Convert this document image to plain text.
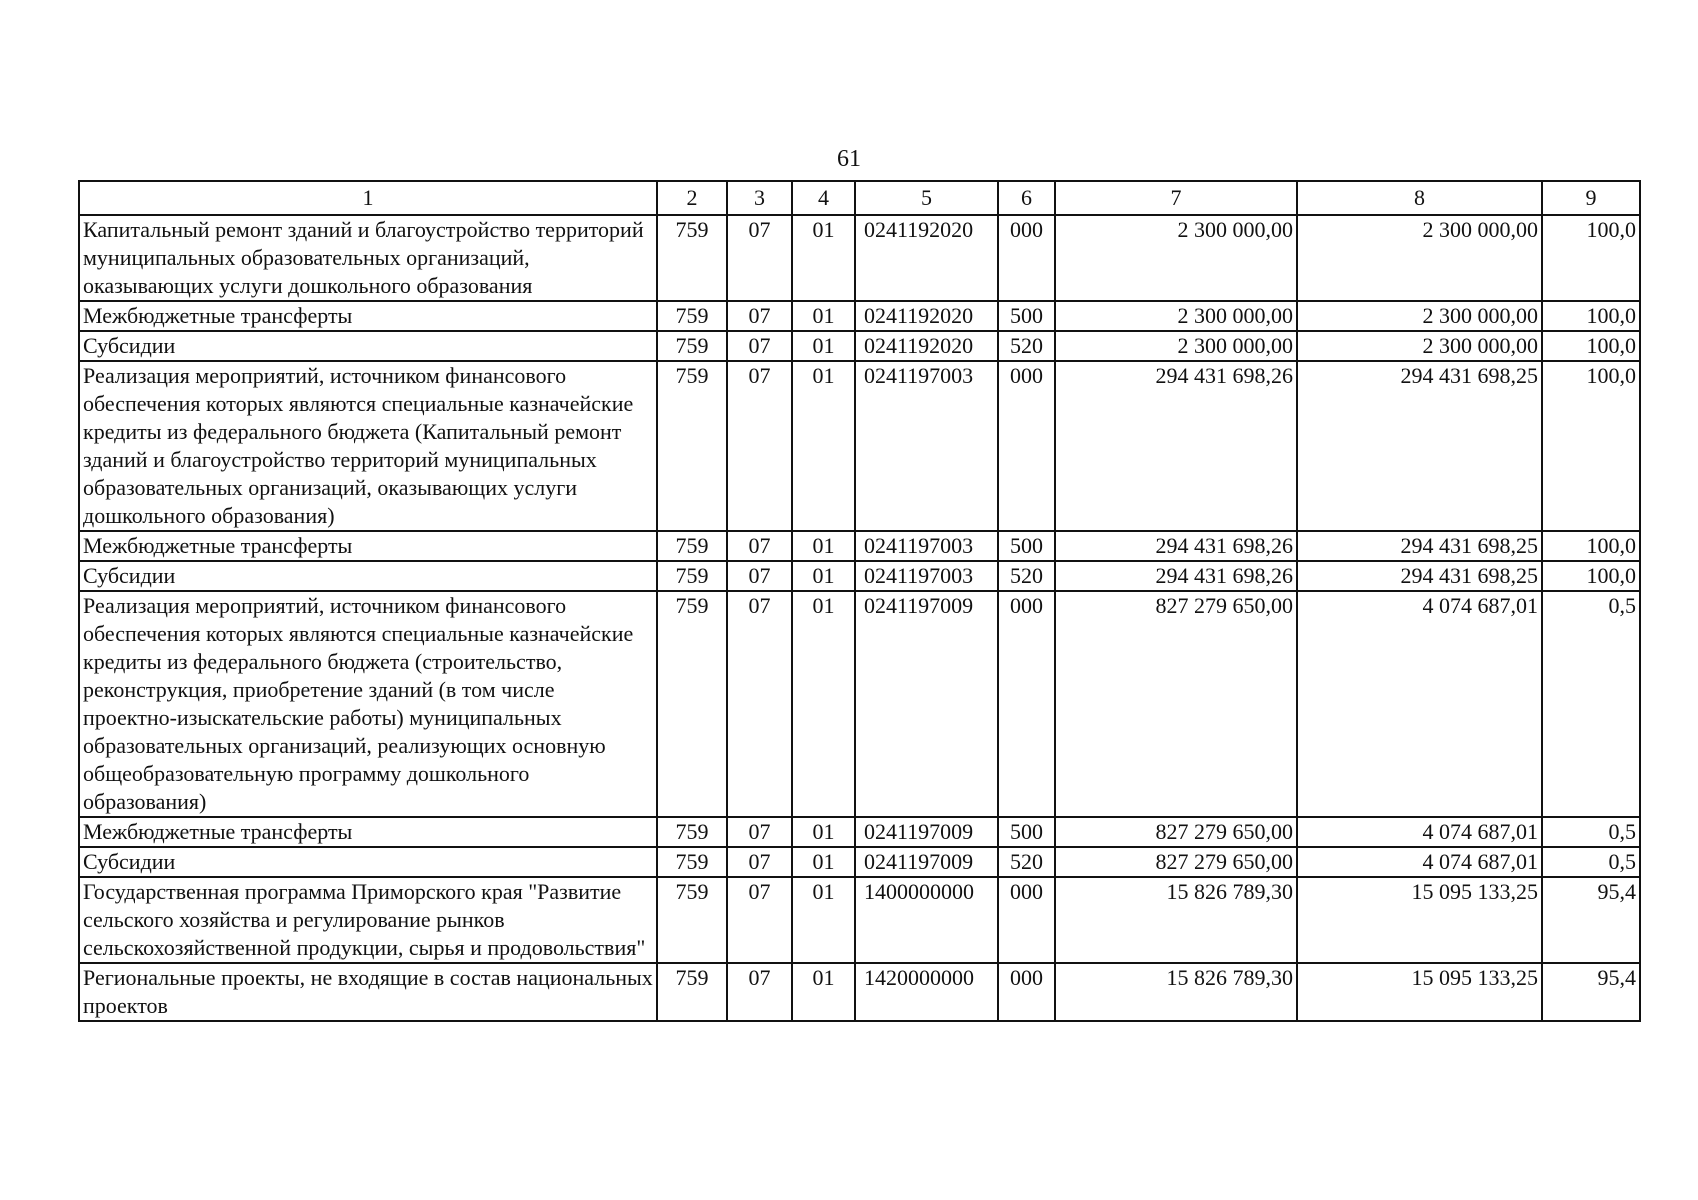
61
1	2	3	4	5	6	7	8	9
Капитальный ремонт зданий и благоустройство территорий муниципальных образовательных организаций, оказывающих услуги дошкольного образования	759	07	01	0241192020	000	2 300 000,00	2 300 000,00	100,0
Межбюджетные трансферты	759	07	01	0241192020	500	2 300 000,00	2 300 000,00	100,0
Субсидии	759	07	01	0241192020	520	2 300 000,00	2 300 000,00	100,0
Реализация мероприятий, источником финансового обеспечения которых являются специальные казначейские кредиты из федерального бюджета (Капитальный ремонт зданий и благоустройство территорий муниципальных образовательных организаций, оказывающих услуги дошкольного образования)	759	07	01	0241197003	000	294 431 698,26	294 431 698,25	100,0
Межбюджетные трансферты	759	07	01	0241197003	500	294 431 698,26	294 431 698,25	100,0
Субсидии	759	07	01	0241197003	520	294 431 698,26	294 431 698,25	100,0
Реализация мероприятий, источником финансового обеспечения которых являются специальные казначейские кредиты из федерального бюджета (строительство, реконструкция, приобретение зданий (в том числе проектно-изыскательские работы) муниципальных образовательных организаций, реализующих основную общеобразовательную программу дошкольного образования)	759	07	01	0241197009	000	827 279 650,00	4 074 687,01	0,5
Межбюджетные трансферты	759	07	01	0241197009	500	827 279 650,00	4 074 687,01	0,5
Субсидии	759	07	01	0241197009	520	827 279 650,00	4 074 687,01	0,5
Государственная программа Приморского края "Развитие сельского хозяйства и регулирование рынков сельскохозяйственной продукции, сырья и продовольствия"	759	07	01	1400000000	000	15 826 789,30	15 095 133,25	95,4
Региональные проекты, не входящие в состав национальных проектов	759	07	01	1420000000	000	15 826 789,30	15 095 133,25	95,4
